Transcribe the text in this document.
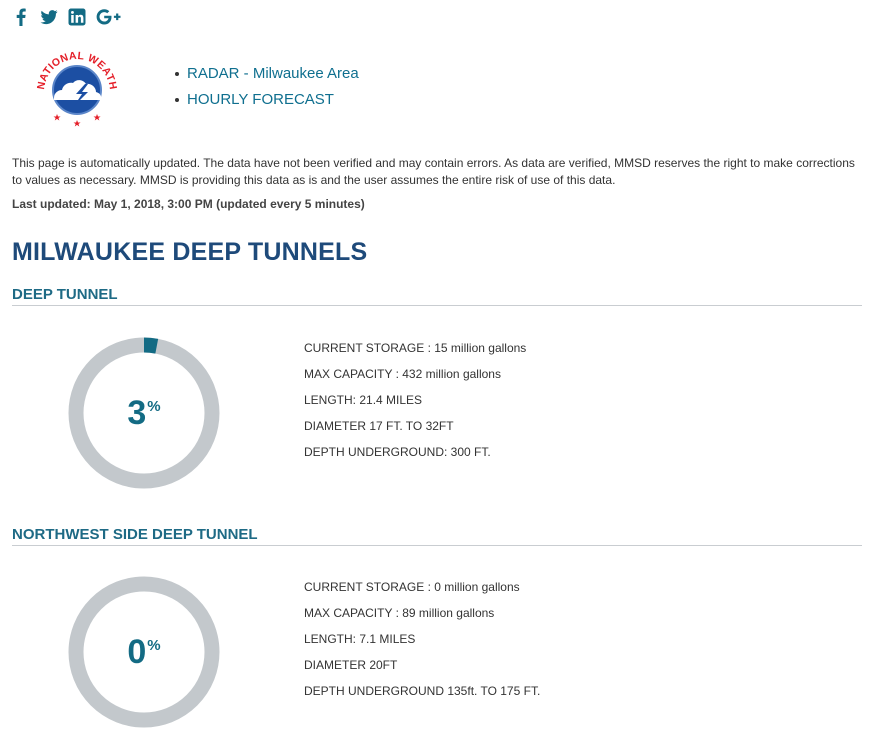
NATIONAL WEATH
RADAR - Milwaukee Area
HOURLY FORECAST

This page is automatically updated. The data have not been verified and may contain errors. As data are verified, MMSD reserves the right to make corrections to values as necessary. MMSD is providing this data as is and the user assumes the entire risk of use of this data.

Last updated: May 1, 2018, 3:00 PM (updated every 5 minutes)

MILWAUKEE DEEP TUNNELS
DEEP TUNNEL
3 %
CURRENT STORAGE : 15 million gallons
MAX CAPACITY : 432 million gallons
LENGTH: 21.4 MILES
DIAMETER 17 FT. TO 32FT
DEPTH UNDERGROUND: 300 FT.
NORTHWEST SIDE DEEP TUNNEL
0 %
CURRENT STORAGE : 0 million gallons
MAX CAPACITY : 89 million gallons
LENGTH: 7.1 MILES
DIAMETER 20FT
DEPTH UNDERGROUND 135ft. TO 175 FT.
